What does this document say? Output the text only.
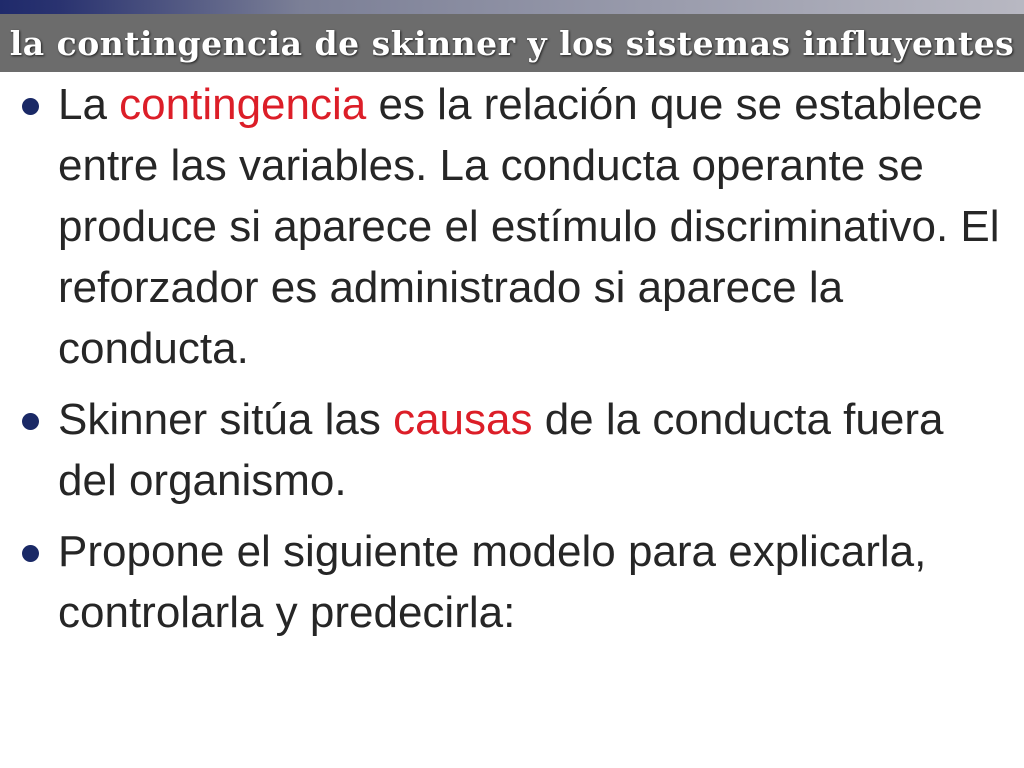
la contingencia de skinner y los sistemas influyentes
La contingencia es la relación que se establece entre las variables. La conducta operante se produce si aparece el estímulo discriminativo. El reforzador es administrado si aparece la conducta.
Skinner sitúa las causas de la conducta fuera del organismo.
Propone el siguiente modelo para explicarla, controlarla y predecirla:
